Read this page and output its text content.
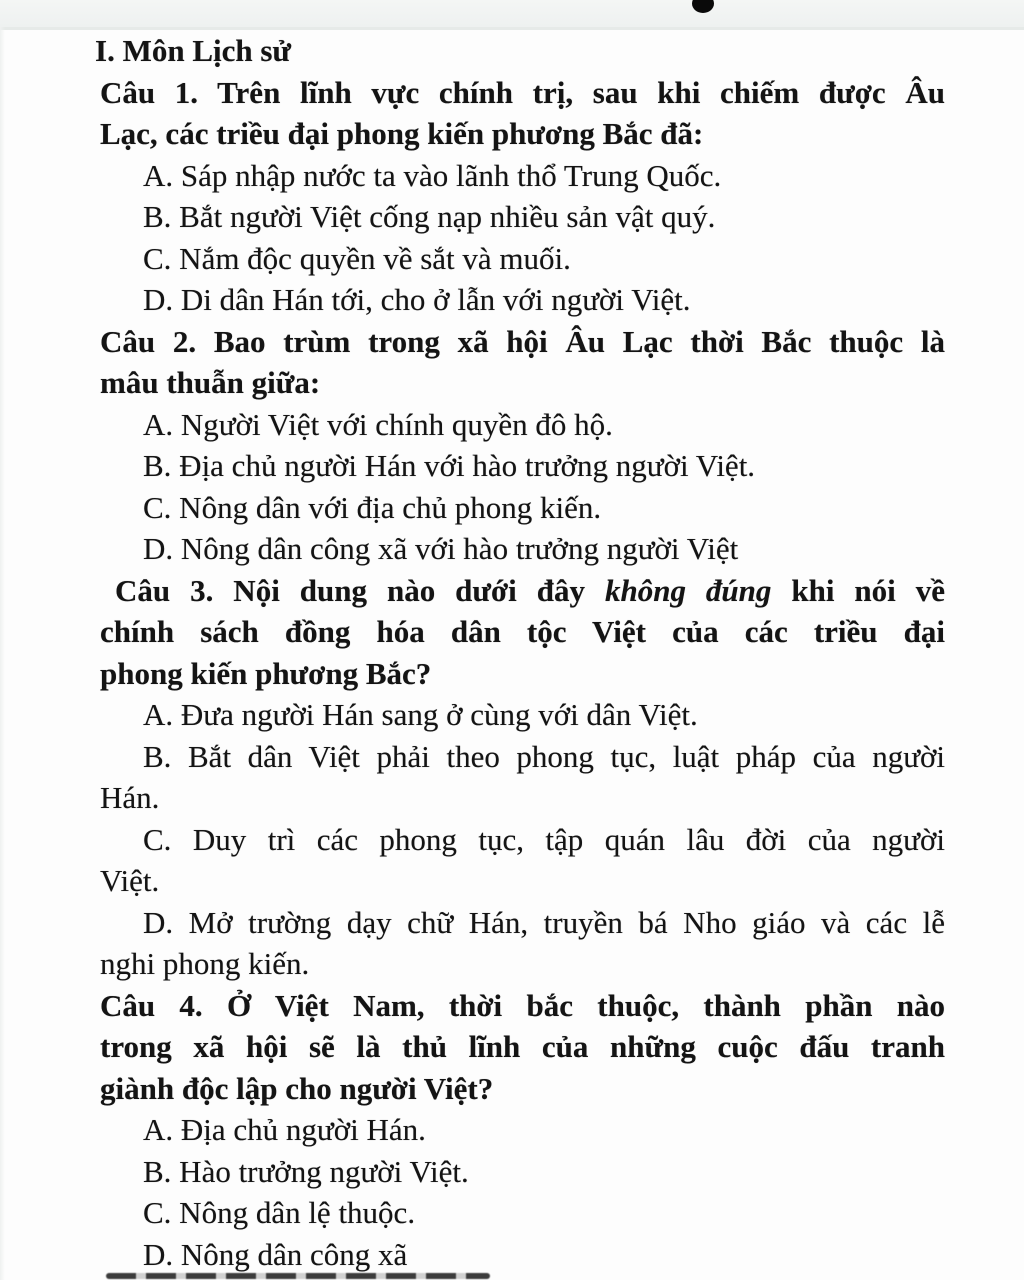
I. Môn Lịch sử
Câu 1. Trên lĩnh vực chính trị, sau khi chiếm được Âu
Lạc, các triều đại phong kiến phương Bắc đã:
A. Sáp nhập nước ta vào lãnh thổ Trung Quốc.
B. Bắt người Việt cống nạp nhiều sản vật quý.
C. Nắm độc quyền về sắt và muối.
D. Di dân Hán tới, cho ở lẫn với người Việt.
Câu 2. Bao trùm trong xã hội Âu Lạc thời Bắc thuộc là
mâu thuẫn giữa:
A. Người Việt với chính quyền đô hộ.
B. Địa chủ người Hán với hào trưởng người Việt.
C. Nông dân với địa chủ phong kiến.
D. Nông dân công xã với hào trưởng người Việt
Câu 3. Nội dung nào dưới đây không đúng khi nói về
chính sách đồng hóa dân tộc Việt của các triều đại
phong kiến phương Bắc?
A. Đưa người Hán sang ở cùng với dân Việt.
B. Bắt dân Việt phải theo phong tục, luật pháp của người
Hán.
C. Duy trì các phong tục, tập quán lâu đời của người
Việt.
D. Mở trường dạy chữ Hán, truyền bá Nho giáo và các lễ
nghi phong kiến.
Câu 4. Ở Việt Nam, thời bắc thuộc, thành phần nào
trong xã hội sẽ là thủ lĩnh của những cuộc đấu tranh
giành độc lập cho người Việt?
A. Địa chủ người Hán.
B. Hào trưởng người Việt.
C. Nông dân lệ thuộc.
D. Nông dân công xã
